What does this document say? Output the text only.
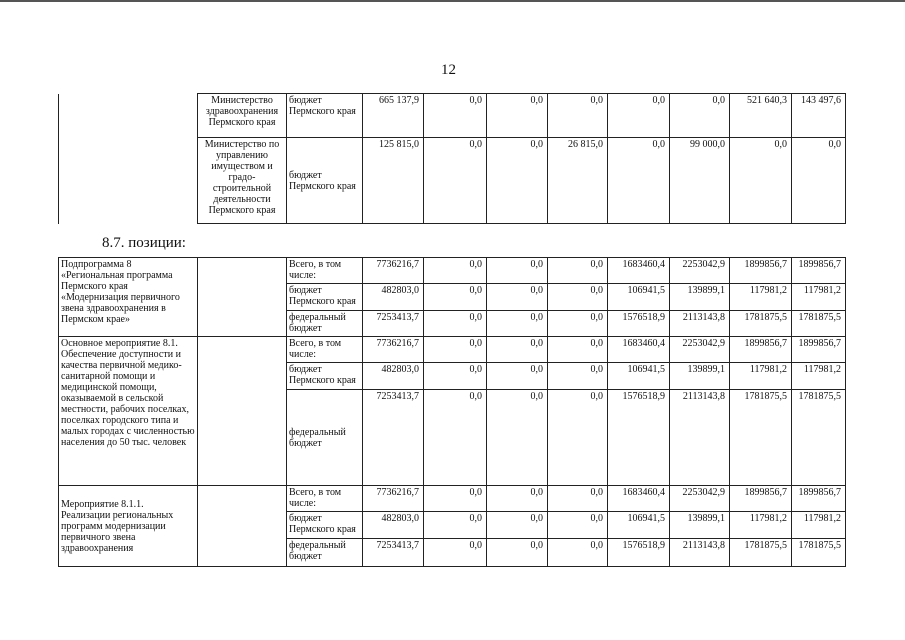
12
	Министерство здравоохранения Пермского края	бюджет Пермского края	665 137,9	0,0	0,0	0,0	0,0	0,0	521 640,3	143 497,6
	Министерство по управлению имуществом и градо-строительной деятельности Пермского края	бюджет Пермского края	125 815,0	0,0	0,0	26 815,0	0,0	99 000,0	0,0	0,0
8.7. позиции:
Подпрограмма 8 «Региональная программа Пермского края «Модернизация первичного звена здравоохранения в Пермском крае»		Всего, в том числе:	7736216,7	0,0	0,0	0,0	1683460,4	2253042,9	1899856,7	1899856,7
		бюджет Пермского края	482803,0	0,0	0,0	0,0	106941,5	139899,1	117981,2	117981,2
		федеральный бюджет	7253413,7	0,0	0,0	0,0	1576518,9	2113143,8	1781875,5	1781875,5
Основное мероприятие 8.1. Обеспечение доступности и качества первичной медико-санитарной помощи и медицинской помощи, оказываемой в сельской местности, рабочих поселках, поселках городского типа и малых городах с численностью населения до 50 тыс. человек		Всего, в том числе:	7736216,7	0,0	0,0	0,0	1683460,4	2253042,9	1899856,7	1899856,7
		бюджет Пермского края	482803,0	0,0	0,0	0,0	106941,5	139899,1	117981,2	117981,2
		федеральный бюджет	7253413,7	0,0	0,0	0,0	1576518,9	2113143,8	1781875,5	1781875,5
Мероприятие 8.1.1. Реализации региональных программ модернизации первичного звена здравоохранения		Всего, в том числе:	7736216,7	0,0	0,0	0,0	1683460,4	2253042,9	1899856,7	1899856,7
		бюджет Пермского края	482803,0	0,0	0,0	0,0	106941,5	139899,1	117981,2	117981,2
		федеральный бюджет	7253413,7	0,0	0,0	0,0	1576518,9	2113143,8	1781875,5	1781875,5
